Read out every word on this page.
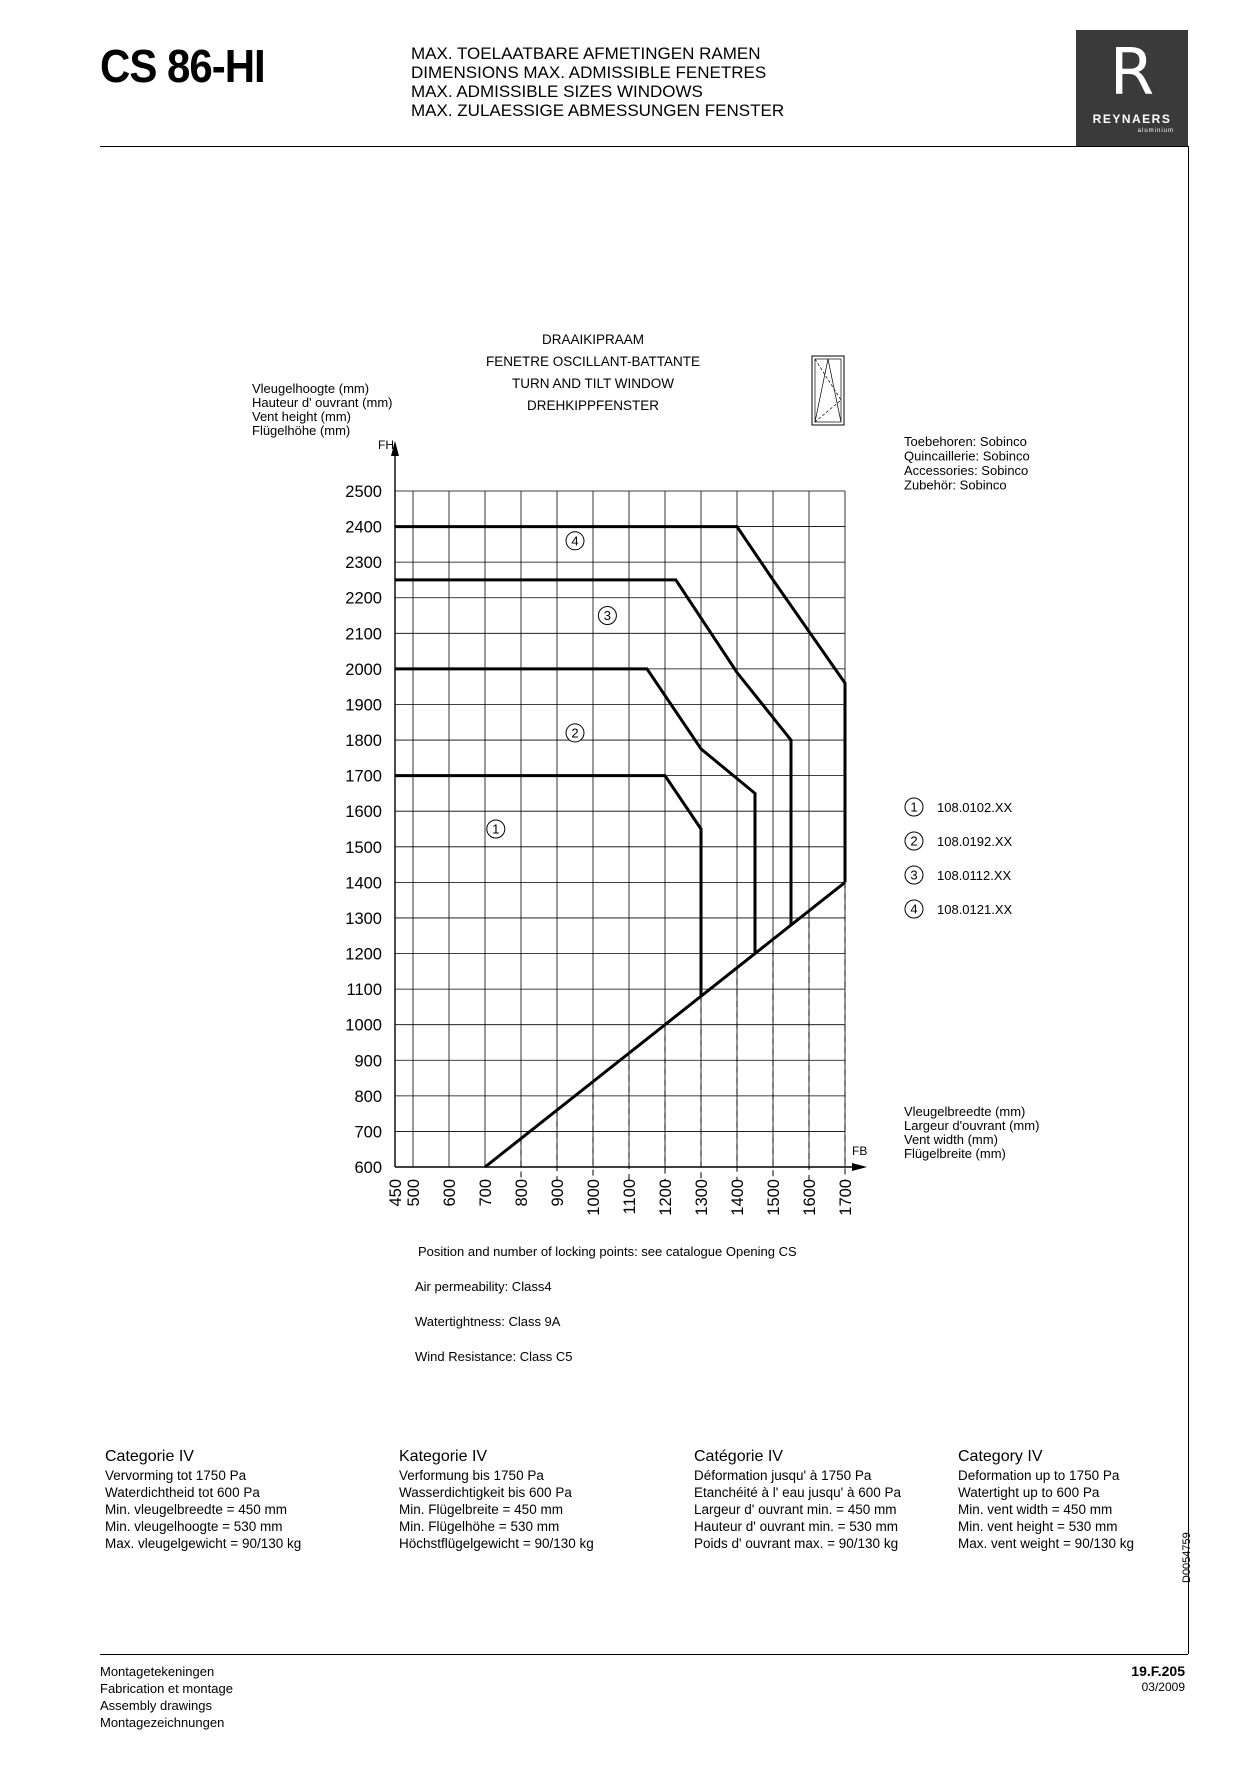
CS 86-HI	MAX. TOELAATBARE AFMETINGEN RAMEN
DIMENSIONS MAX. ADMISSIBLE FENETRES
MAX. ADMISSIBLE SIZES WINDOWS
MAX. ZULAESSIGE ABMESSUNGEN FENSTER
R
REYNAERS
aluminium
DRAAIKIPRAAM
FENETRE OSCILLANT-BATTANTE
TURN AND TILT WINDOW
DREHKIPPFENSTER
Vleugelhoogte (mm)
Hauteur d' ouvrant (mm)
Vent height (mm)
Flügelhöhe (mm)
FH	Toebehoren: Sobinco
Quincaillerie: Sobinco
Accessories: Sobinco
Zubehör: Sobinco
FB
600
700
800
900
1000
1100
1200
1300
1400
1500
1600
1700
1800
1900
2000
2100
2200
2300
2400
2500
450 500 600 700 800 900 1000 1100 1200 1300 1400 1500 1600 1700
1
2
3
4
Vleugelbreedte (mm)
Largeur d'ouvrant (mm)
Vent width (mm)
Flügelbreite (mm)
1 108.0102.XX
2 108.0192.XX
3 108.0112.XX
4 108.0121.XX
Position and number of locking points: see catalogue Opening CS
Air permeability: Class4
Watertightness: Class 9A
Wind Resistance: Class C5
Categorie IV
Vervorming tot 1750 Pa
Waterdichtheid tot 600 Pa
Min. vleugelbreedte = 450 mm
Min. vleugelhoogte = 530 mm
Max. vleugelgewicht = 90/130 kg
Kategorie IV
Verformung bis 1750 Pa
Wasserdichtigkeit bis 600 Pa
Min. Flügelbreite = 450 mm
Min. Flügelhöhe = 530 mm
Höchstflügelgewicht = 90/130 kg
Catégorie IV
Déformation jusqu' à 1750 Pa
Etanchéité à l' eau jusqu' à 600 Pa
Largeur d' ouvrant min. = 450 mm
Hauteur d' ouvrant min. = 530 mm
Poids d' ouvrant max. = 90/130 kg
Category IV
Deformation up to 1750 Pa
Watertight up to 600 Pa
Min. vent width = 450 mm
Min. vent height = 530 mm
Max. vent weight = 90/130 kg	D0054759
Montagetekeningen
Fabrication et montage
Assembly drawings
Montagezeichnungen
19.F.205
03/2009
